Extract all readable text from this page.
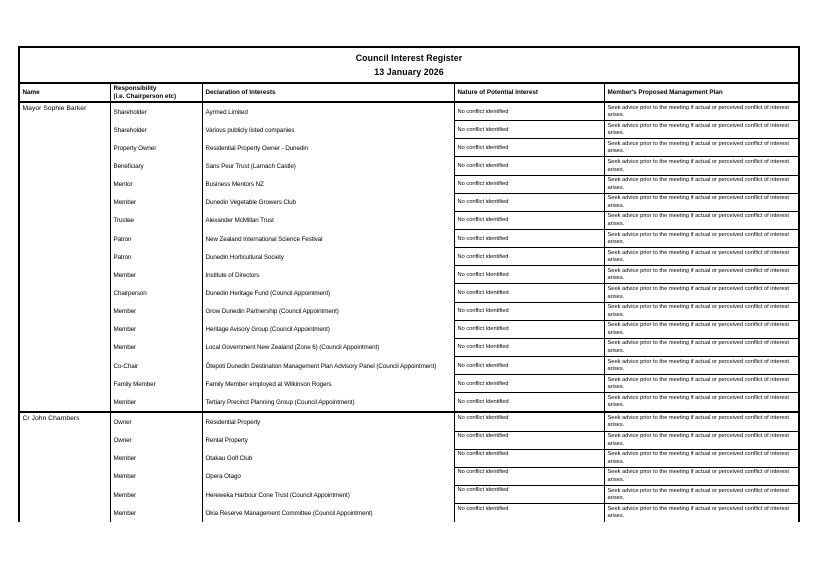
Council Interest Register
13 January 2026
Name
Responsibility
(i.e. Chairperson etc)
Declaration of Interests	Nature of Potential Interest	Member's Proposed Management Plan
Mayor Sophie Barker
Shareholder
Shareholder
Property Owner
Beneficiary
Mentor
Member
Trustee
Patron
Patron
Member
Chairperson
Member
Member
Member
Co-Chair
Family Member
Member
Ayrmed Limited
Various publicly listed companies
Residential Property Owner - Dunedin
Sans Peur Trust (Larnach Castle)
Business Mentors NZ
Dunedin Vegetable Growers Club
Alexander McMillan Trust
New Zealand International Science Festival
Dunedin Horticultural Society
Institute of Directors
Dunedin Heritage Fund (Council Appointment)
Grow Dunedin Partnership (Council Appointment)
Heritage Avisory Group (Council Appointment)
Local Government New Zealand (Zone 6) (Council Appointment)
Ōtepoti Dunedin Destination Management Plan Advisory Panel (Council Appointment)
Family Member employed at Wilkinson Rogers
Tertiary Precinct Planning Group (Council Appointment)
No conflict identified
No conflict identified
No conflict identified
No conflict identified
No conflict identified
No conflict identified
No conflict identified
No conflict identified
No conflict identified
No conflict Identified
No conflict Identified
No conflict Identified
No conflict Identified
No conflict Identified
No conflict identified
No conflict identified
No conflict Identified
Seek advice prior to the meeting if actual or perceived conflict of interest arises.
Seek advice prior to the meeting if actual or perceived conflict of interest arises.
Seek advice prior to the meeting if actual or perceived conflict of interest arises.
Seek advice prior to the meeting if actual or perceived conflict of interest arises.
Seek advice prior to the meeting if actual or perceived conflict of interest arises.
Seek advice prior to the meeting if actual or perceived conflict of interest arises.
Seek advice prior to the meeting if actual or perceived conflict of interest arises.
Seek advice prior to the meeting if actual or perceived conflict of interest arises.
Seek advice prior to the meeting if actual or perceived conflict of interest arises.
Seek advice prior to the meeting if actual or perceived conflict of interest arises.
Seek advice prior to the meeting if actual or perceived conflict of interest arises.
Seek advice prior to the meeting if actual or perceived conflict of interest arises.
Seek advice prior to the meeting if actual or perceived conflict of interest arises.
Seek advice prior to the meeting if actual or perceived conflict of interest arises.
Seek advice prior to the meeting if actual or perceived conflict of interest arises.
Seek advice prior to the meeting if actual or perceived conflict of interest arises.
Seek advice prior to the meeting if actual or perceived conflict of interest arises.
Cr John Chambers
Owner
Owner
Member
Member
Member
Member
Residential Property
Rental Property
Otakau Golf Club
Opera Otago
Hereweka Harbour Cone Trust (Council Appointment)
Okia Reserve Management Committee (Council Appointment)
No conflict identified
No conflict identified
No conflict identified
No conflict identified
No conflict identified
No conflict identified
Seek advice prior to the meeting if actual or perceived conflict of interest arises.
Seek advice prior to the meeting if actual or perceived conflict of interest arises.
Seek advice prior to the meeting if actual or perceived conflict of interest arises.
Seek advice prior to the meeting if actual or perceived conflict of interest arises.
Seek advice prior to the meeting if actual or perceived conflict of interest arises.
Seek advice prior to the meeting if actual or perceived conflict of interest arises.
